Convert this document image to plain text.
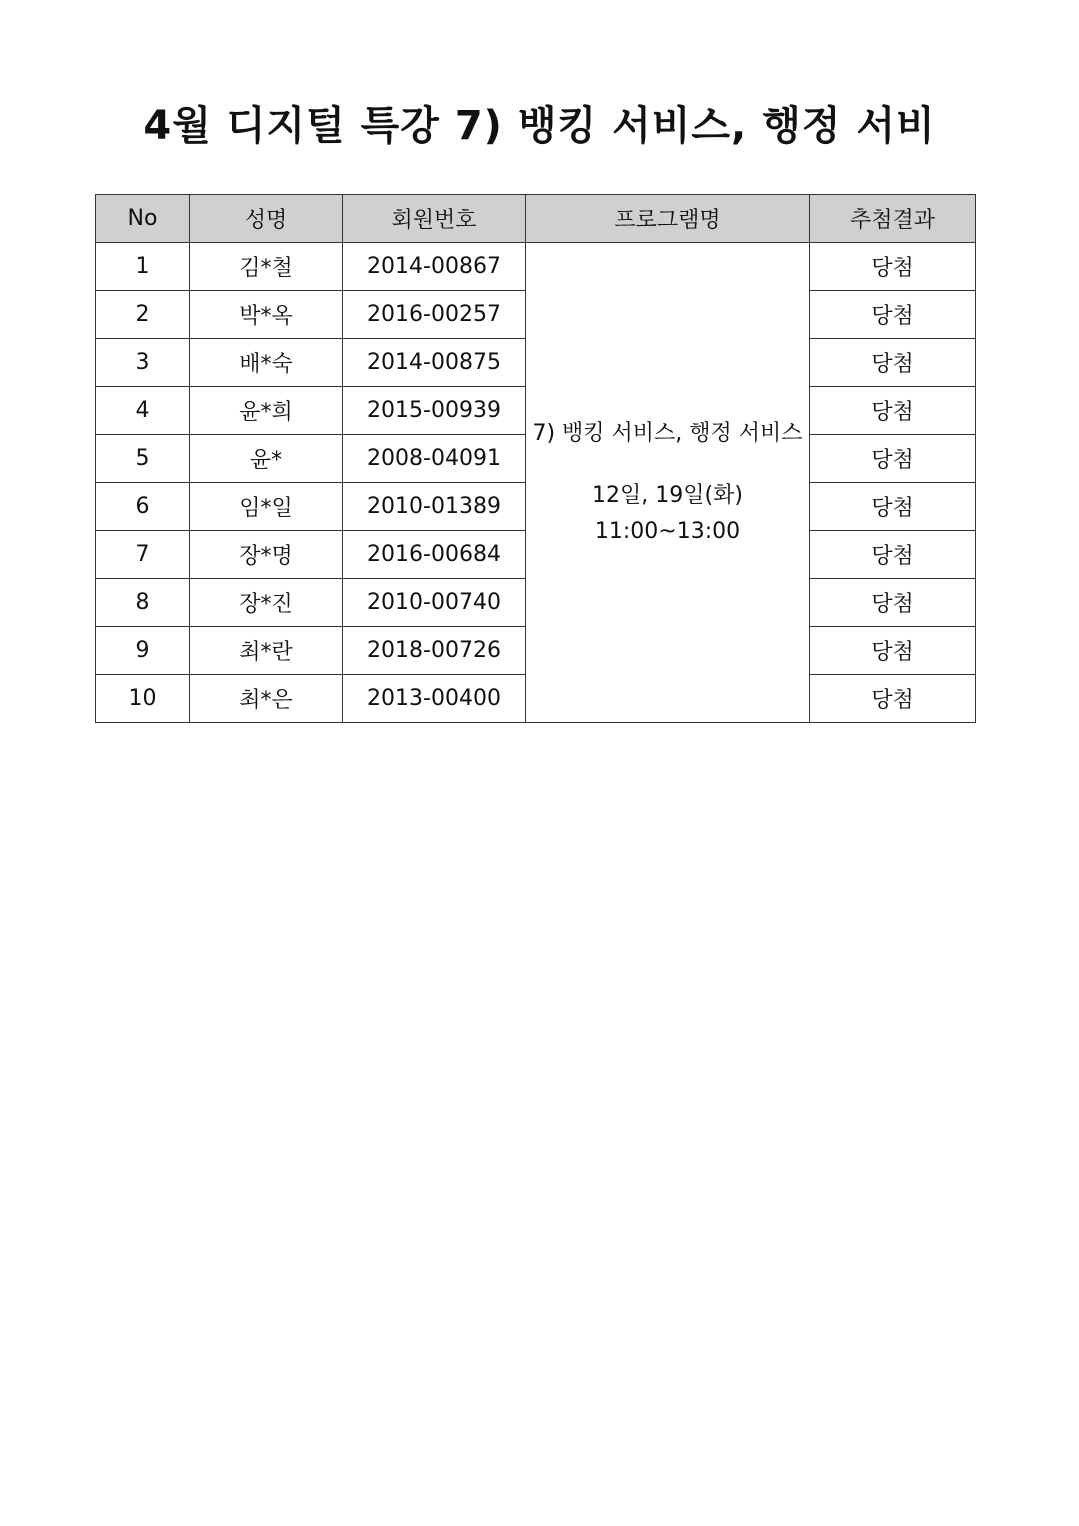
4월 디지털 특강 7) 뱅킹 서비스, 행정 서비
No	성명	회원번호	프로그램명	추첨결과
1	김*철	2014-00867	7) 뱅킹 서비스, 행정 서비스
12일, 19일(화)
11:00~13:00	당첨
2	박*옥	2016-00257		당첨
3	배*숙	2014-00875		당첨
4	윤*희	2015-00939		당첨
5	윤*	2008-04091		당첨
6	임*일	2010-01389		당첨
7	장*명	2016-00684		당첨
8	장*진	2010-00740		당첨
9	최*란	2018-00726		당첨
10	최*은	2013-00400		당첨
